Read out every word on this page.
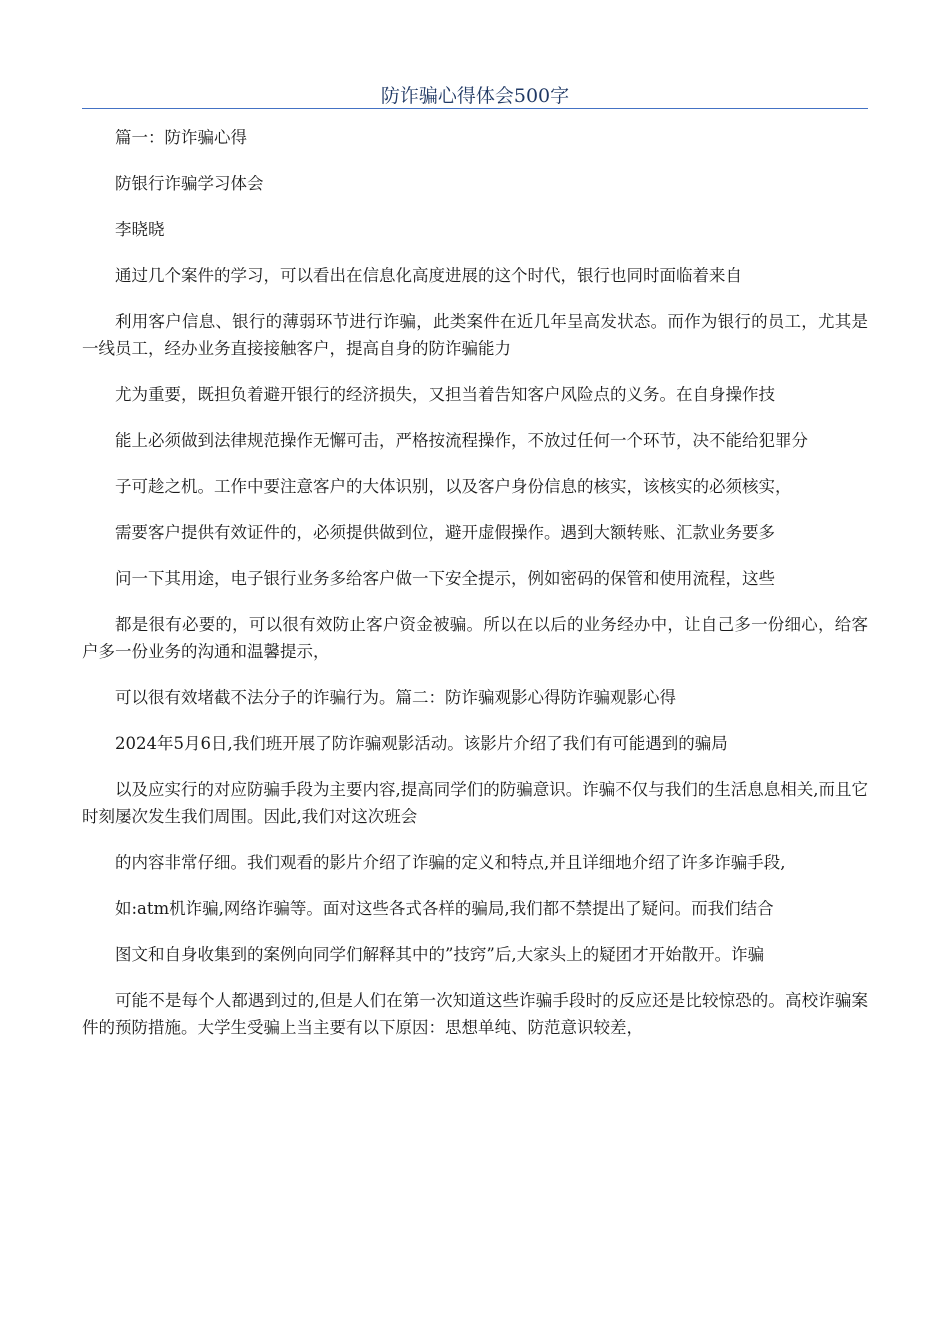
防诈骗心得体会500字

篇一：防诈骗心得

防银行诈骗学习体会

李晓晓

通过几个案件的学习，可以看出在信息化高度进展的这个时代，银行也同时面临着来自

利用客户信息、银行的薄弱环节进行诈骗，此类案件在近几年呈高发状态。而作为银行的员工，尤其是一线员工，经办业务直接接触客户，提高自身的防诈骗能力

尤为重要，既担负着避开银行的经济损失，又担当着告知客户风险点的义务。在自身操作技

能上必须做到法律规范操作无懈可击，严格按流程操作，不放过任何一个环节，决不能给犯罪分

子可趁之机。工作中要注意客户的大体识别，以及客户身份信息的核实，该核实的必须核实，

需要客户提供有效证件的，必须提供做到位，避开虚假操作。遇到大额转账、汇款业务要多

问一下其用途，电子银行业务多给客户做一下安全提示，例如密码的保管和使用流程，这些

都是很有必要的，可以很有效防止客户资金被骗。所以在以后的业务经办中，让自己多一份细心，给客户多一份业务的沟通和温馨提示，

可以很有效堵截不法分子的诈骗行为。篇二：防诈骗观影心得防诈骗观影心得

2024年5月6日,我们班开展了防诈骗观影活动。该影片介绍了我们有可能遇到的骗局

以及应实行的对应防骗手段为主要内容,提高同学们的防骗意识。诈骗不仅与我们的生活息息相关,而且它时刻屡次发生我们周围。因此,我们对这次班会

的内容非常仔细。我们观看的影片介绍了诈骗的定义和特点,并且详细地介绍了许多诈骗手段,

如:atm机诈骗,网络诈骗等。面对这些各式各样的骗局,我们都不禁提出了疑问。而我们结合

图文和自身收集到的案例向同学们解释其中的”技窍”后,大家头上的疑团才开始散开。诈骗

可能不是每个人都遇到过的,但是人们在第一次知道这些诈骗手段时的反应还是比较惊恐的。高校诈骗案件的预防措施。大学生受骗上当主要有以下原因：思想单纯、防范意识较差，
